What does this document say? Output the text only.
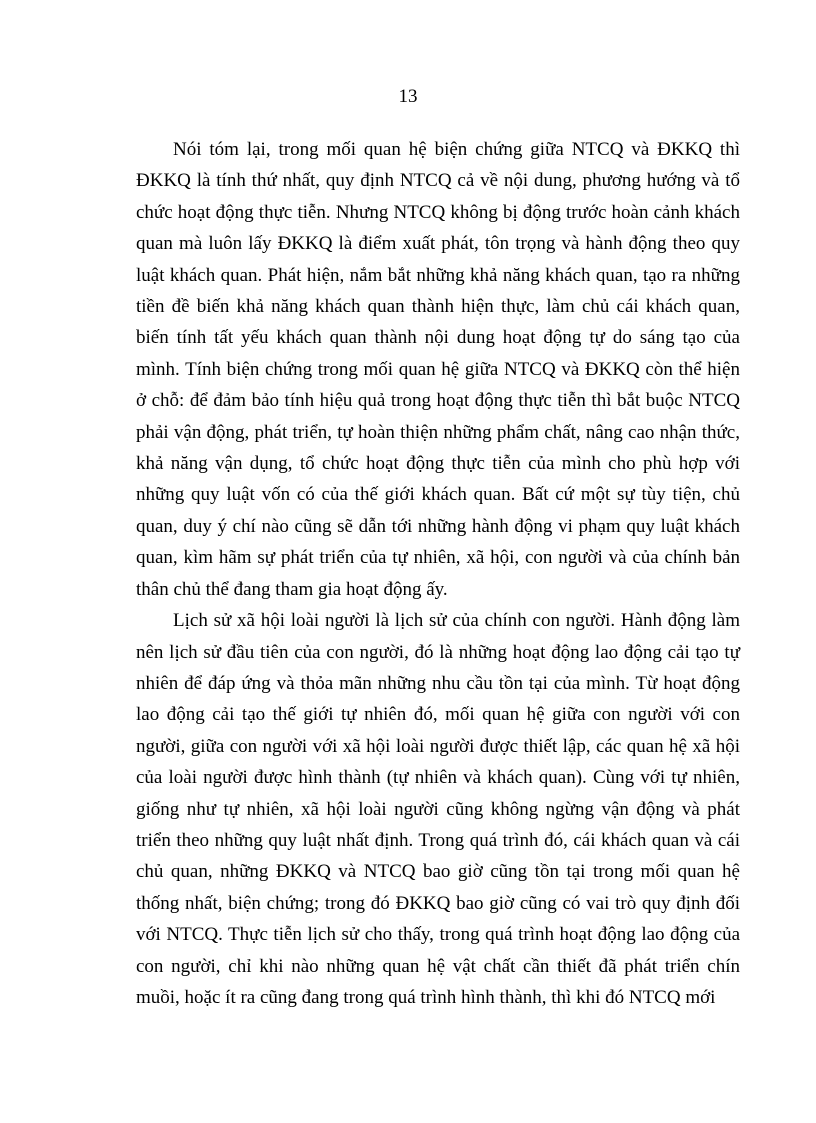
13

Nói tóm lại, trong mối quan hệ biện chứng giữa NTCQ và ĐKKQ thì ĐKKQ là tính thứ nhất, quy định NTCQ cả về nội dung, phương hướng và tổ chức hoạt động thực tiễn. Nhưng NTCQ không bị động trước hoàn cảnh khách quan mà luôn lấy ĐKKQ là điểm xuất phát, tôn trọng và hành động theo quy luật khách quan. Phát hiện, nắm bắt những khả năng khách quan, tạo ra những tiền đề biến khả năng khách quan thành hiện thực, làm chủ cái khách quan, biến tính tất yếu khách quan thành nội dung hoạt động tự do sáng tạo của mình. Tính biện chứng trong mối quan hệ giữa NTCQ và ĐKKQ còn thể hiện ở chỗ: để đảm bảo tính hiệu quả trong hoạt động thực tiễn thì bắt buộc NTCQ phải vận động, phát triển, tự hoàn thiện những phẩm chất, nâng cao nhận thức, khả năng vận dụng, tổ chức hoạt động thực tiễn của mình cho phù hợp với những quy luật vốn có của thế giới khách quan. Bất cứ một sự tùy tiện, chủ quan, duy ý chí nào cũng sẽ dẫn tới những hành động vi phạm quy luật khách quan, kìm hãm sự phát triển của tự nhiên, xã hội, con người và của chính bản thân chủ thể đang tham gia hoạt động ấy.

Lịch sử xã hội loài người là lịch sử của chính con người. Hành động làm nên lịch sử đầu tiên của con người, đó là những hoạt động lao động cải tạo tự nhiên để đáp ứng và thỏa mãn những nhu cầu tồn tại của mình. Từ hoạt động lao động cải tạo thế giới tự nhiên đó, mối quan hệ giữa con người với con người, giữa con người với xã hội loài người được thiết lập, các quan hệ xã hội của loài người được hình thành (tự nhiên và khách quan). Cùng với tự nhiên, giống như tự nhiên, xã hội loài người cũng không ngừng vận động và phát triển theo những quy luật nhất định. Trong quá trình đó, cái khách quan và cái chủ quan, những ĐKKQ và NTCQ bao giờ cũng tồn tại trong mối quan hệ thống nhất, biện chứng; trong đó ĐKKQ bao giờ cũng có vai trò quy định đối với NTCQ. Thực tiễn lịch sử cho thấy, trong quá trình hoạt động lao động của con người, chỉ khi nào những quan hệ vật chất cần thiết đã phát triển chín muồi, hoặc ít ra cũng đang trong quá trình hình thành, thì khi đó NTCQ mới
